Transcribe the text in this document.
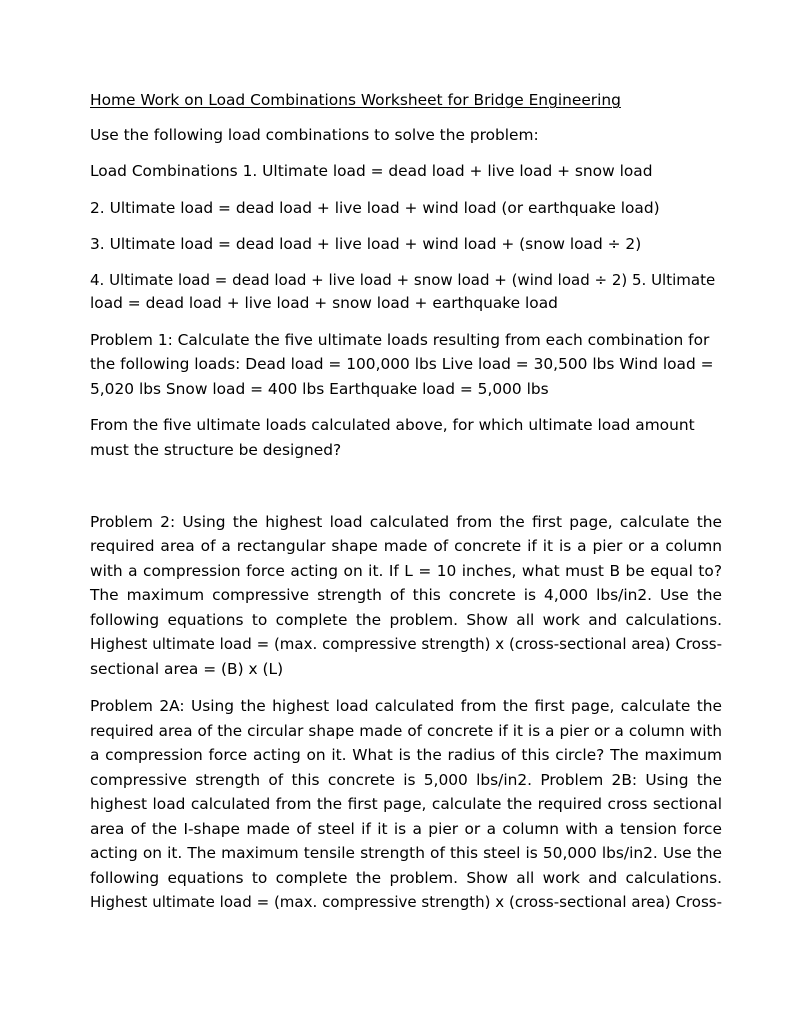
Home Work on Load Combinations Worksheet for Bridge Engineering

Use the following load combinations to solve the problem:

Load Combinations 1. Ultimate load = dead load + live load + snow load

2. Ultimate load = dead load + live load + wind load (or earthquake load)

3. Ultimate load = dead load + live load + wind load + (snow load ÷ 2)

4. Ultimate load = dead load + live load + snow load + (wind load ÷ 2) 5. Ultimate

load = dead load + live load + snow load + earthquake load

Problem 1: Calculate the five ultimate loads resulting from each combination for

the following loads: Dead load = 100,000 lbs Live load = 30,500 lbs Wind load =

5,020 lbs Snow load = 400 lbs Earthquake load = 5,000 lbs

From the five ultimate loads calculated above, for which ultimate load amount

must the structure be designed?

Problem 2: Using the highest load calculated from the first page, calculate the

required area of a rectangular shape made of concrete if it is a pier or a column

with a compression force acting on it. If L = 10 inches, what must B be equal to?

The maximum compressive strength of this concrete is 4,000 lbs/in2. Use the

following equations to complete the problem. Show all work and calculations.

Highest ultimate load = (max. compressive strength) x (cross-sectional area) Cross-

sectional area = (B) x (L)

Problem 2A: Using the highest load calculated from the first page, calculate the

required area of the circular shape made of concrete if it is a pier or a column with

a compression force acting on it. What is the radius of this circle? The maximum

compressive strength of this concrete is 5,000 lbs/in2. Problem 2B: Using the

highest load calculated from the first page, calculate the required cross sectional

area of the I-shape made of steel if it is a pier or a column with a tension force

acting on it. The maximum tensile strength of this steel is 50,000 lbs/in2. Use the

following equations to complete the problem. Show all work and calculations.

Highest ultimate load = (max. compressive strength) x (cross-sectional area) Cross-
